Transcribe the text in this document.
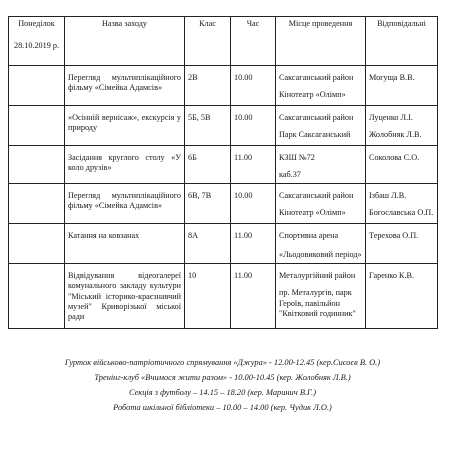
Понеділок
28.10.2019 р.	Назва заходу	Клас	Час	Місце проведення	Відповідальні

	Перегляд мультиплікаційного фільму «Сімейка Адамсів»	2В	10.00	Саксаганський район
Кінотеатр «Олімп»	Могуща В.В.

	«Осінній вернісаж», екскурсія у природу	5Б, 5В	10.00	Саксаганський район
Парк Саксаганський	Луценко Л.І.
Жолобняк Л.В.

	Засідання круглого столу «У колo друзів»	6Б	11.00	КЗШ №72
каб.37	Соколова С.О.

	Перегляд мультиплікаційного фільму «Сімейка Адамсів»	6В, 7В	10.00	Саксаганський район
Кінотеатр «Олімп»	Ізбаш Л.В.
Богославська О.П.

	Катання на ковзанах	8А	11.00	Спортивна арена
«Льодовиковий період»	Терехова О.П.

	Відвідування відеогалереї комунального закладу культури "Міський історико-краєзнавчий музей" Криворізької міської ради	10	11.00	Металургійний район
пр. Металургів, парк Героїв, павільйон "Квітковий годинник"	Гаренко К.В.
Гурток військово-патріотичного спрямування «Джура» - 12.00-12.45 (кер.Сисоєв В. О.)
Тренінг-клуб «Вчимося жити разом» - 10.00-10.45 (кер. Жолобняк Л.В.)
Секція з футболу – 14.15 – 18.20 (кер. Маринич В.Г.)
Робота шкільної бібліотеки – 10.00 – 14.00 (кер. Чудик Л.О.)
